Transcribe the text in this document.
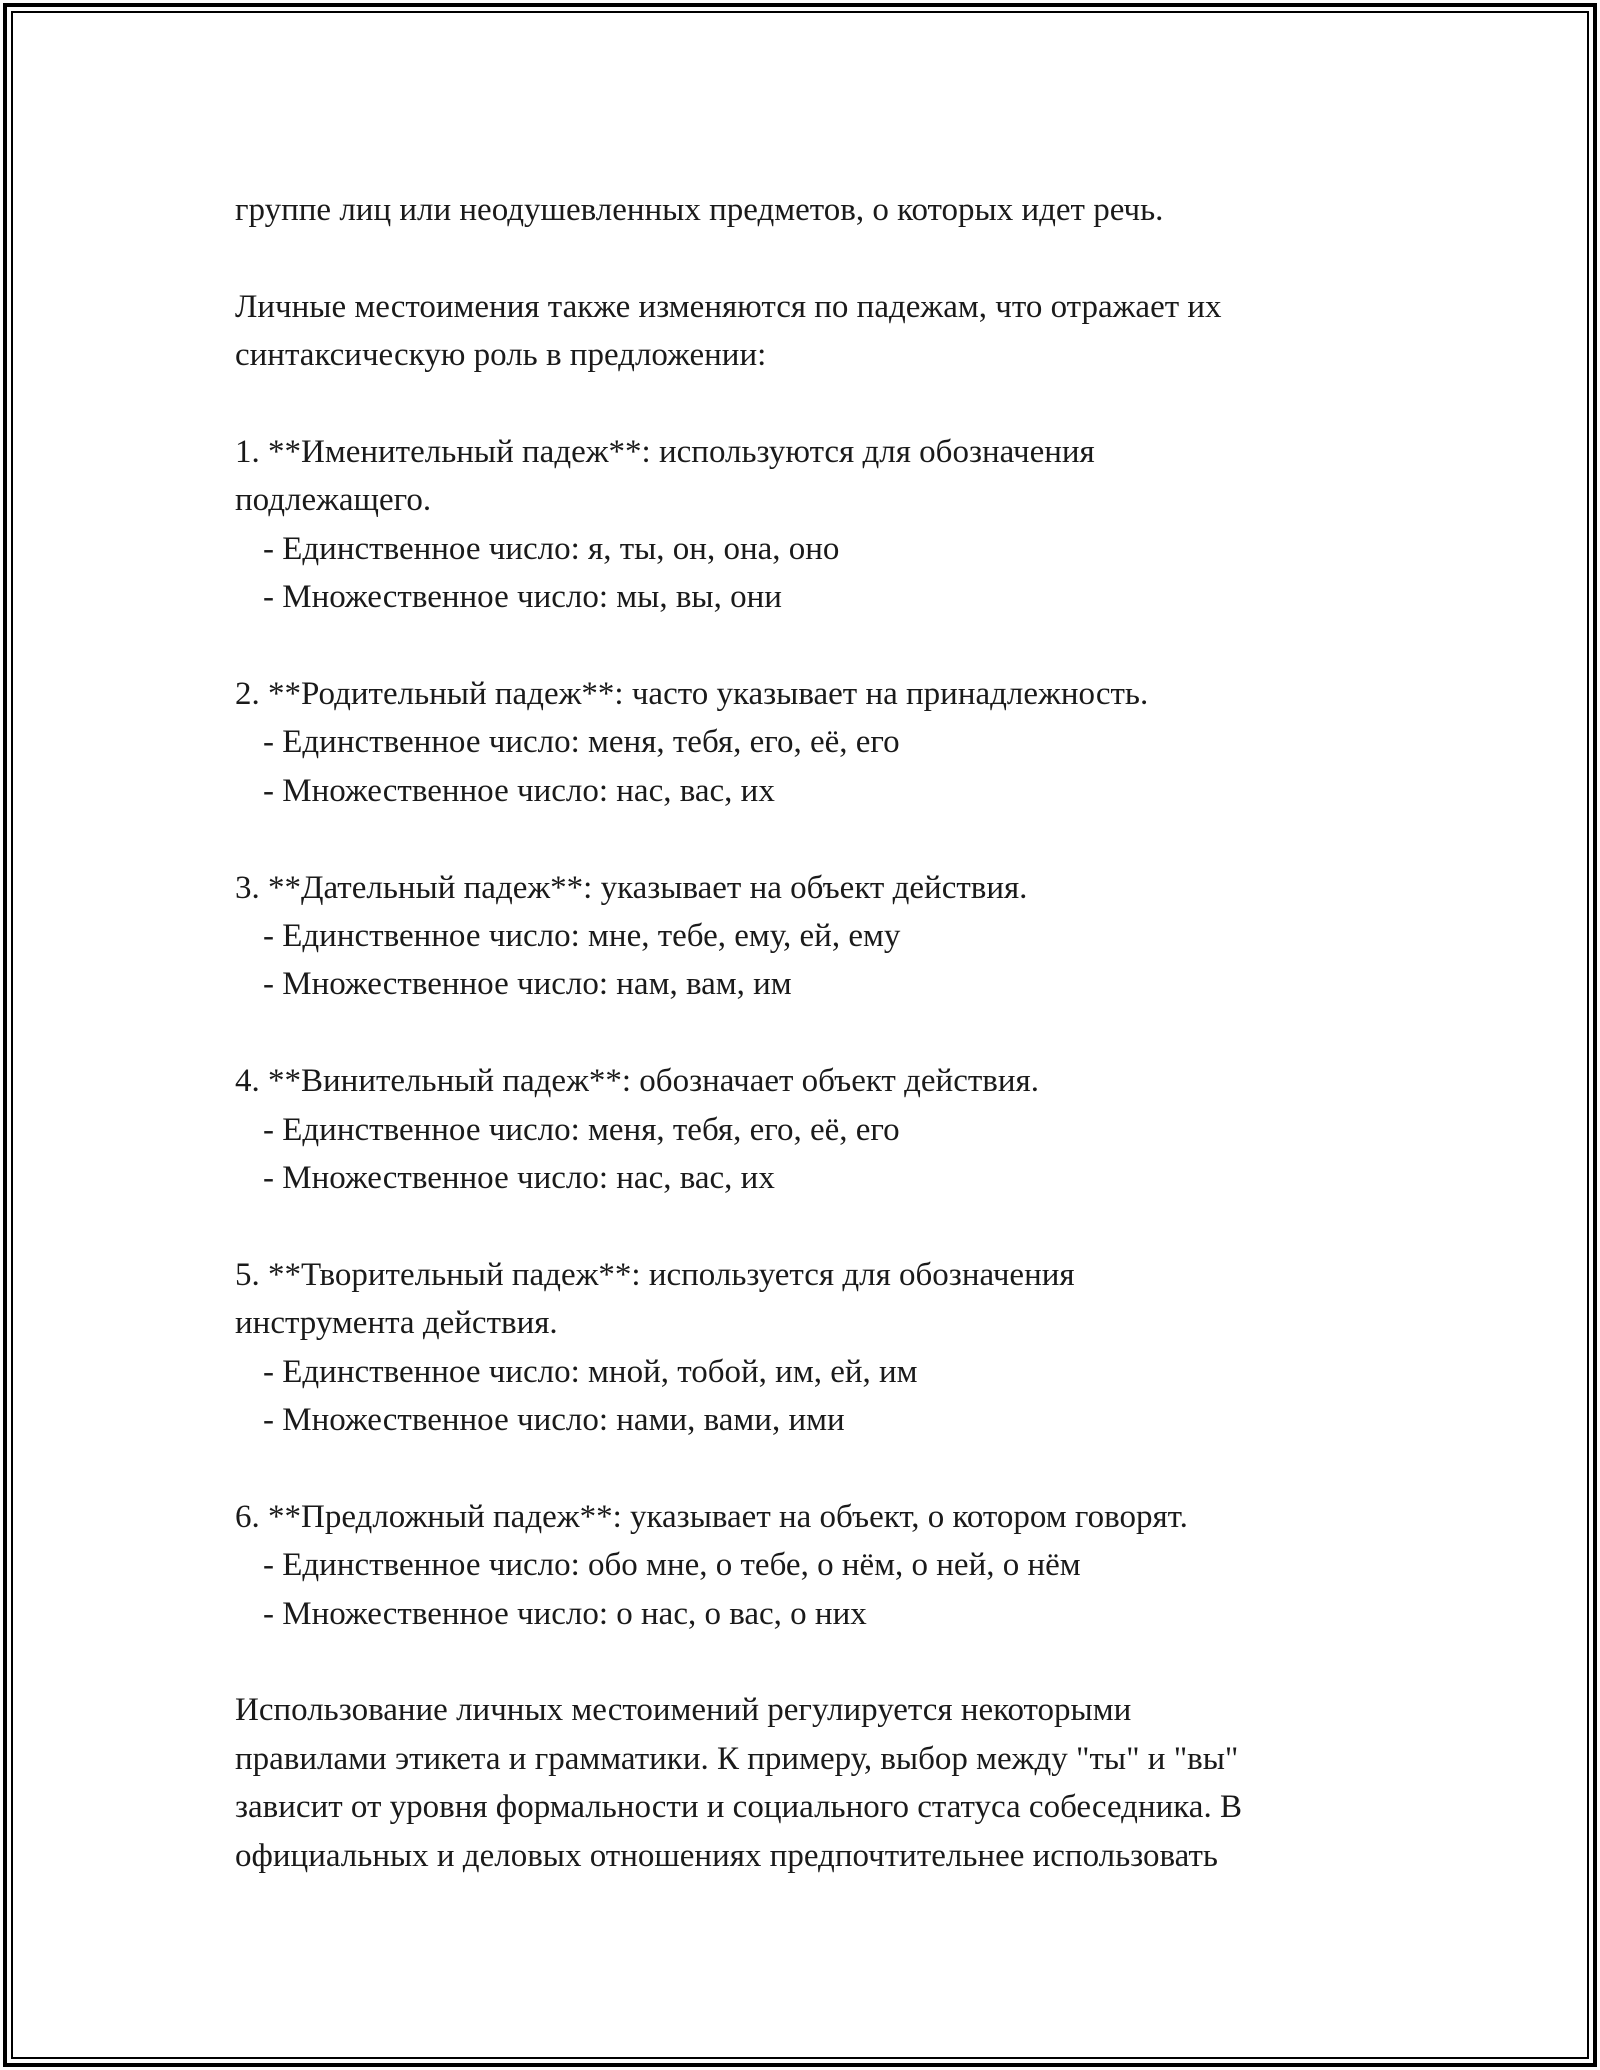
группе лиц или неодушевленных предметов, о которых идет речь.

Личные местоимения также изменяются по падежам, что отражает их

синтаксическую роль в предложении:

1. **Именительный падеж**: используются для обозначения

подлежащего.

- Единственное число: я, ты, он, она, оно

- Множественное число: мы, вы, они

2. **Родительный падеж**: часто указывает на принадлежность.

- Единственное число: меня, тебя, его, её, его

- Множественное число: нас, вас, их

3. **Дательный падеж**: указывает на объект действия.

- Единственное число: мне, тебе, ему, ей, ему

- Множественное число: нам, вам, им

4. **Винительный падеж**: обозначает объект действия.

- Единственное число: меня, тебя, его, её, его

- Множественное число: нас, вас, их

5. **Творительный падеж**: используется для обозначения

инструмента действия.

- Единственное число: мной, тобой, им, ей, им

- Множественное число: нами, вами, ими

6. **Предложный падеж**: указывает на объект, о котором говорят.

- Единственное число: обо мне, о тебе, о нём, о ней, о нём

- Множественное число: о нас, о вас, о них

Использование личных местоимений регулируется некоторыми

правилами этикета и грамматики. К примеру, выбор между "ты" и "вы"

зависит от уровня формальности и социального статуса собеседника. В

официальных и деловых отношениях предпочтительнее использовать
